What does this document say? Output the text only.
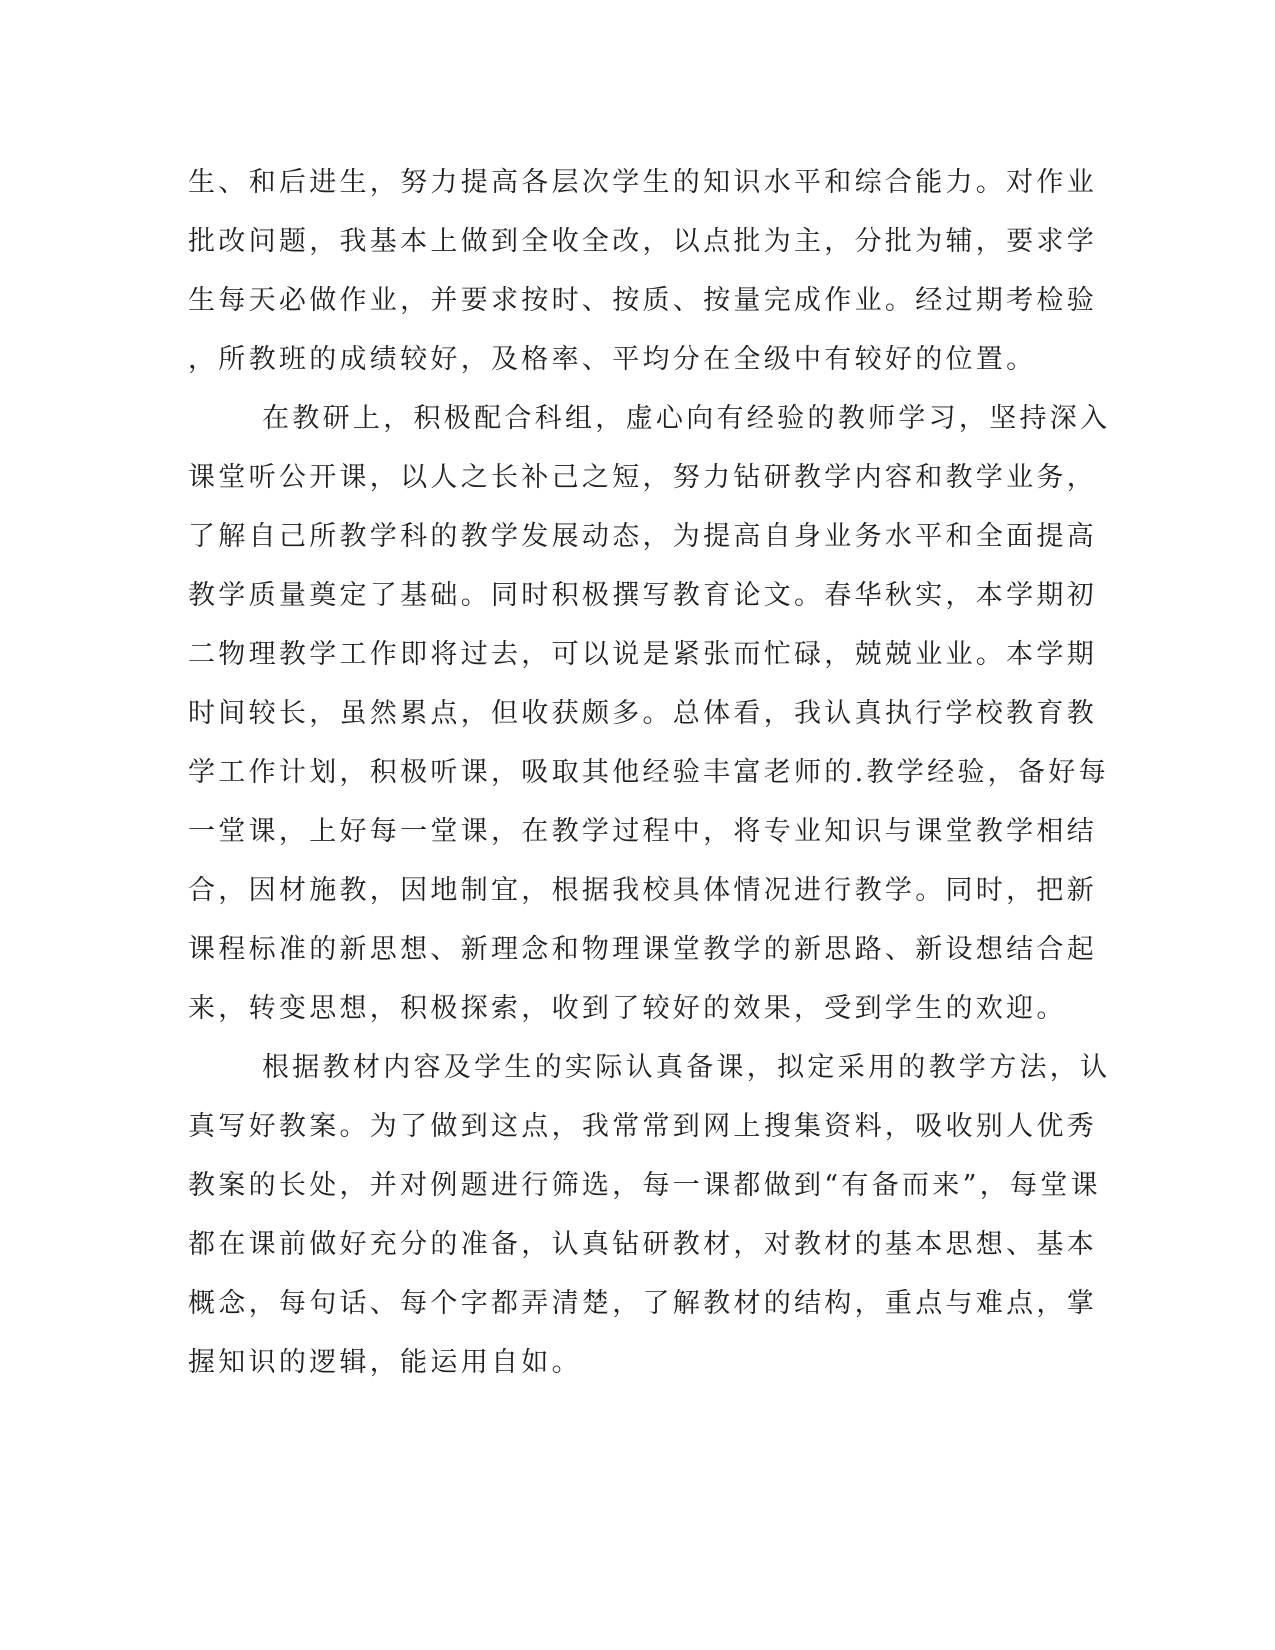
生、和后进生，努力提高各层次学生的知识水平和综合能力。对作业
批改问题，我基本上做到全收全改，以点批为主，分批为辅，要求学
生每天必做作业，并要求按时、按质、按量完成作业。经过期考检验
，所教班的成绩较好，及格率、平均分在全级中有较好的位置。
在教研上，积极配合科组，虚心向有经验的教师学习，坚持深入
课堂听公开课，以人之长补己之短，努力钻研教学内容和教学业务，
了解自己所教学科的教学发展动态，为提高自身业务水平和全面提高
教学质量奠定了基础。同时积极撰写教育论文。春华秋实，本学期初
二物理教学工作即将过去，可以说是紧张而忙碌，兢兢业业。本学期
时间较长，虽然累点，但收获颇多。总体看，我认真执行学校教育教
学工作计划，积极听课，吸取其他经验丰富老师的.教学经验，备好每
一堂课，上好每一堂课，在教学过程中，将专业知识与课堂教学相结
合，因材施教，因地制宜，根据我校具体情况进行教学。同时，把新
课程标准的新思想、新理念和物理课堂教学的新思路、新设想结合起
来，转变思想，积极探索，收到了较好的效果，受到学生的欢迎。
根据教材内容及学生的实际认真备课，拟定采用的教学方法，认
真写好教案。为了做到这点，我常常到网上搜集资料，吸收别人优秀
教案的长处，并对例题进行筛选，每一课都做到“有备而来”，每堂课
都在课前做好充分的准备，认真钻研教材，对教材的基本思想、基本
概念，每句话、每个字都弄清楚，了解教材的结构，重点与难点，掌
握知识的逻辑，能运用自如。
